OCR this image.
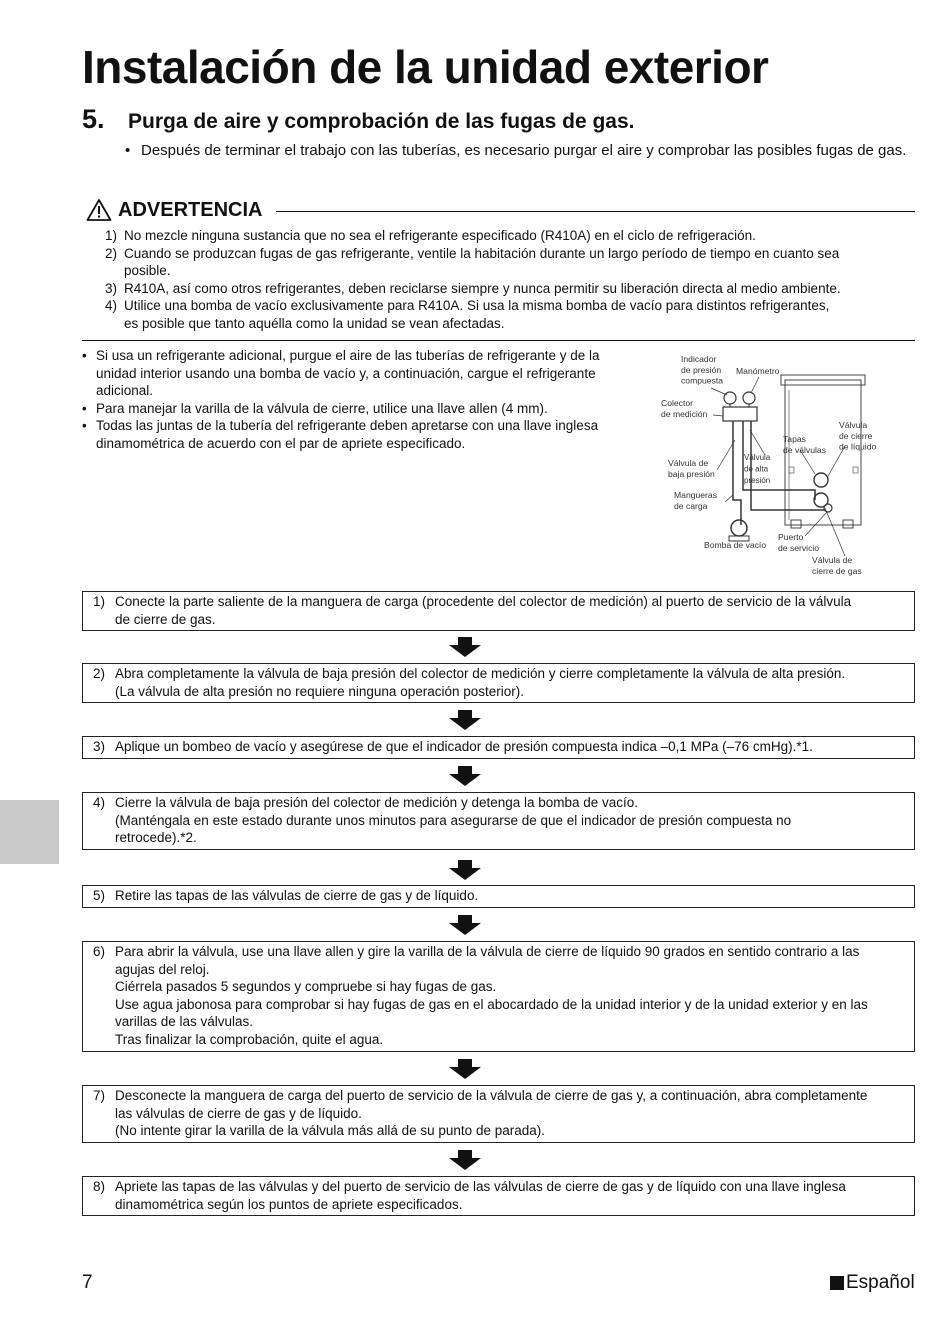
Instalación de la unidad exterior
5. Purga de aire y comprobación de las fugas de gas.
• Después de terminar el trabajo con las tuberías, es necesario purgar el aire y comprobar las posibles fugas de gas.
ADVERTENCIA
1) No mezcle ninguna sustancia que no sea el refrigerante especificado (R410A) en el ciclo de refrigeración.
2) Cuando se produzcan fugas de gas refrigerante, ventile la habitación durante un largo período de tiempo en cuanto sea
posible.
3) R410A, así como otros refrigerantes, deben reciclarse siempre y nunca permitir su liberación directa al medio ambiente.
4) Utilice una bomba de vacío exclusivamente para R410A. Si usa la misma bomba de vacío para distintos refrigerantes,
es posible que tanto aquélla como la unidad se vean afectadas.
• Si usa un refrigerante adicional, purgue el aire de las tuberías de refrigerante y de la
unidad interior usando una bomba de vacío y, a continuación, cargue el refrigerante
adicional.
• Para manejar la varilla de la válvula de cierre, utilice una llave allen (4 mm).
• Todas las juntas de la tubería del refrigerante deben apretarse con una llave inglesa
dinamométrica de acuerdo con el par de apriete especificado.
Indicador de presión compuesta
Manómetro
Colector de medición
Tapas de válvulas
Válvula de cierre de líquido
Válvula de baja presión
Válvula de alta presión
Mangueras de carga
Bomba de vacío
Puerto de servicio
Válvula de cierre de gas
1) Conecte la parte saliente de la manguera de carga (procedente del colector de medición) al puerto de servicio de la válvula
de cierre de gas.
2) Abra completamente la válvula de baja presión del colector de medición y cierre completamente la válvula de alta presión.
(La válvula de alta presión no requiere ninguna operación posterior).
3) Aplique un bombeo de vacío y asegúrese de que el indicador de presión compuesta indica –0,1 MPa (–76 cmHg).*1.
4) Cierre la válvula de baja presión del colector de medición y detenga la bomba de vacío.
(Manténgala en este estado durante unos minutos para asegurarse de que el indicador de presión compuesta no
retrocede).*2.
5) Retire las tapas de las válvulas de cierre de gas y de líquido.
6) Para abrir la válvula, use una llave allen y gire la varilla de la válvula de cierre de líquido 90 grados en sentido contrario a las
agujas del reloj.
Ciérrela pasados 5 segundos y compruebe si hay fugas de gas.
Use agua jabonosa para comprobar si hay fugas de gas en el abocardado de la unidad interior y de la unidad exterior y en las
varillas de las válvulas.
Tras finalizar la comprobación, quite el agua.
7) Desconecte la manguera de carga del puerto de servicio de la válvula de cierre de gas y, a continuación, abra completamente
las válvulas de cierre de gas y de líquido.
(No intente girar la varilla de la válvula más allá de su punto de parada).
8) Apriete las tapas de las válvulas y del puerto de servicio de las válvulas de cierre de gas y de líquido con una llave inglesa
dinamométrica según los puntos de apriete especificados.
7	Español
